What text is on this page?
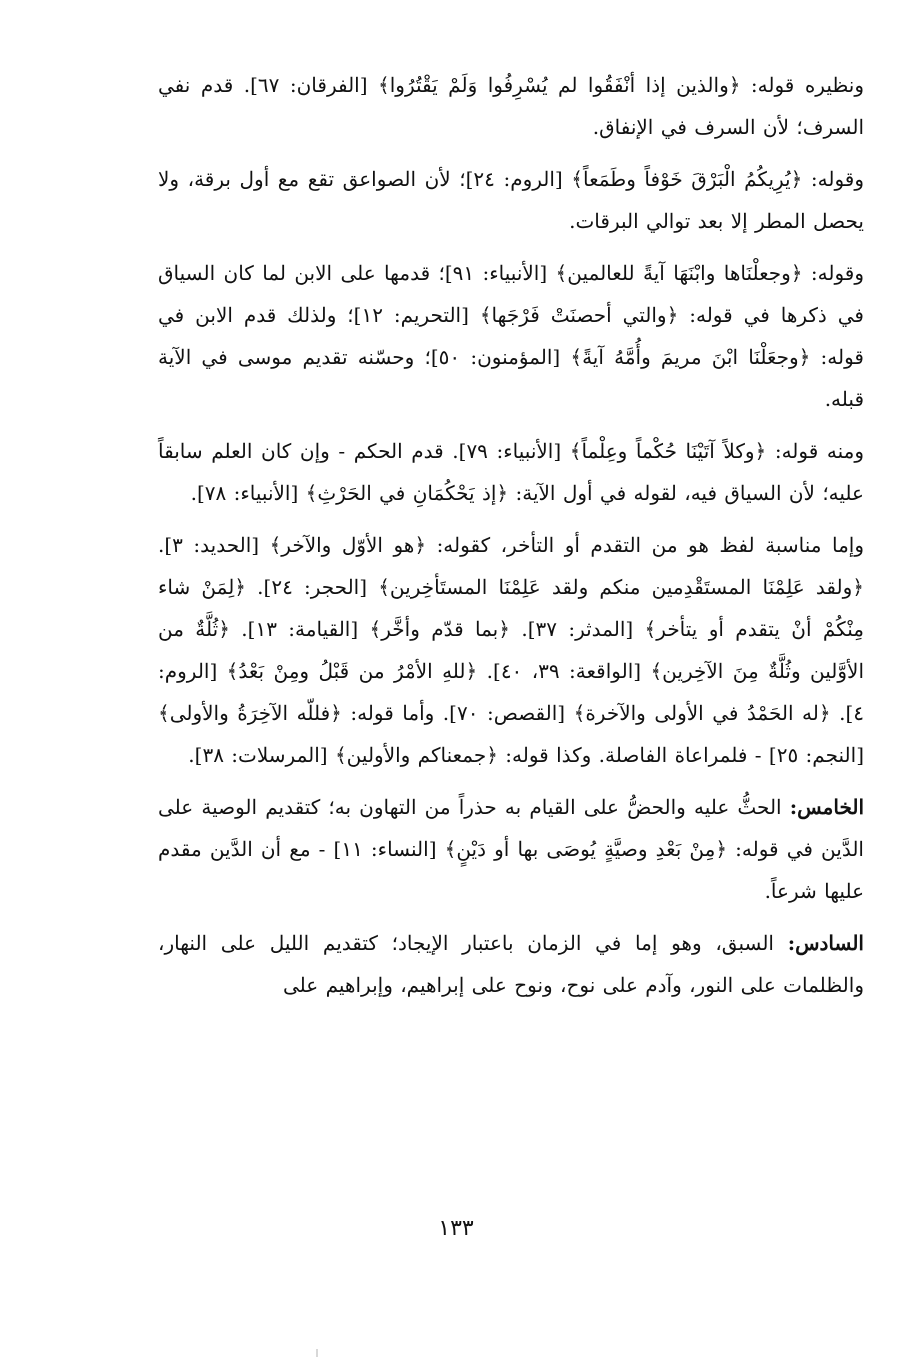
ونظيره قوله: ﴿والذين إذا أنْفَقُوا لم يُسْرِفُوا وَلَمْ يَقْتُرُوا﴾ [الفرقان: ٦٧]. قدم نفي السرف؛ لأن السرف في الإنفاق.

وقوله: ﴿يُرِيكُمُ الْبَرْقَ خَوْفاً وطَمَعاً﴾ [الروم: ٢٤]؛ لأن الصواعق تقع مع أول برقة، ولا يحصل المطر إلا بعد توالي البرقات.

وقوله: ﴿وجعلْنَاها وابْنَهَا آيةً للعالمين﴾ [الأنبياء: ٩١]؛ قدمها على الابن لما كان السياق في ذكرها في قوله: ﴿والتي أحصنَتْ فَرْجَها﴾ [التحريم: ١٢]؛ ولذلك قدم الابن في قوله: ﴿وجعَلْنَا ابْنَ مريمَ وأُمَّهُ آيةً﴾ [المؤمنون: ٥٠]؛ وحسّنه تقديم موسى في الآية قبله.

ومنه قوله: ﴿وكلاً آتَيْنَا حُكْماً وعِلْماً﴾ [الأنبياء: ٧٩]. قدم الحكم - وإن كان العلم سابقاً عليه؛ لأن السياق فيه، لقوله في أول الآية: ﴿إذ يَحْكُمَانِ في الحَرْثِ﴾ [الأنبياء: ٧٨].

وإما مناسبة لفظ هو من التقدم أو التأخر، كقوله: ﴿هو الأوّل والآخر﴾ [الحديد: ٣]. ﴿ولقد عَلِمْنَا المستَقْدِمين منكم ولقد عَلِمْنَا المستَأخِرين﴾ [الحجر: ٢٤]. ﴿لِمَنْ شاء مِنْكُمْ أنْ يتقدم أو يتأخر﴾ [المدثر: ٣٧]. ﴿بما قدّم وأخَّر﴾ [القيامة: ١٣]. ﴿ثُلَّةٌ من الأوَّلين وثُلَّةٌ مِنَ الآخِرين﴾ [الواقعة: ٣٩، ٤٠]. ﴿للهِ الأمْرُ من قَبْلُ ومِنْ بَعْدُ﴾ [الروم: ٤]. ﴿له الحَمْدُ في الأولى والآخرة﴾ [القصص: ٧٠]. وأما قوله: ﴿فللّه الآخِرَةُ والأولى﴾ [النجم: ٢٥] - فلمراعاة الفاصلة. وكذا قوله: ﴿جمعناكم والأولين﴾ [المرسلات: ٣٨].

الخامس: الحثُّ عليه والحضُّ على القيام به حذراً من التهاون به؛ كتقديم الوصية على الدَّين في قوله: ﴿مِنْ بَعْدِ وصيَّةٍ يُوصَى بها أو دَيْنٍ﴾ [النساء: ١١] - مع أن الدَّين مقدم عليها شرعاً.

السادس: السبق، وهو إما في الزمان باعتبار الإيجاد؛ كتقديم الليل على النهار، والظلمات على النور، وآدم على نوح، ونوح على إبراهيم، وإبراهيم على

١٣٣
